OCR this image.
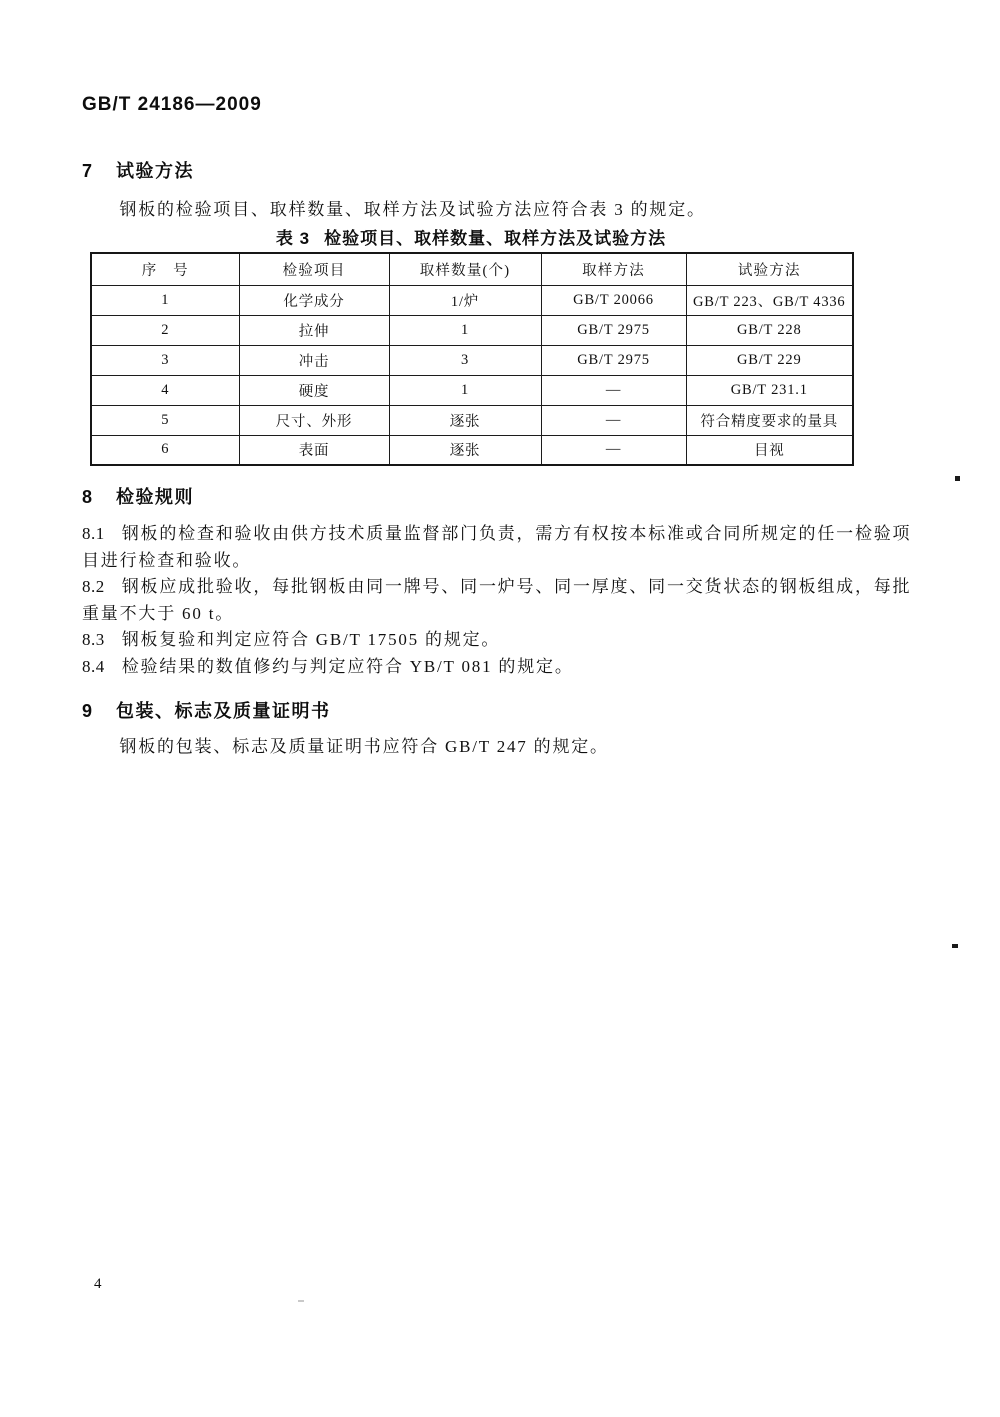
GB/T 24186—2009
7 试验方法
钢板的检验项目、取样数量、取样方法及试验方法应符合表 3 的规定。
表 3 检验项目、取样数量、取样方法及试验方法
序　号	检验项目	取样数量(个)	取样方法	试验方法
1	化学成分	1/炉	GB/T 20066	GB/T 223、GB/T 4336
2	拉伸	1	GB/T 2975	GB/T 228
3	冲击	3	GB/T 2975	GB/T 229
4	硬度	1	—	GB/T 231.1
5	尺寸、外形	逐张	—	符合精度要求的量具
6	表面	逐张	—	目视
8 检验规则

8.1 钢板的检查和验收由供方技术质量监督部门负责，需方有权按本标准或合同所规定的任一检验项目进行检查和验收。

8.2 钢板应成批验收，每批钢板由同一牌号、同一炉号、同一厚度、同一交货状态的钢板组成，每批重量不大于 60 t。

8.3 钢板复验和判定应符合 GB/T 17505 的规定。

8.4 检验结果的数值修约与判定应符合 YB/T 081 的规定。

9 包装、标志及质量证明书
钢板的包装、标志及质量证明书应符合 GB/T 247 的规定。
4
